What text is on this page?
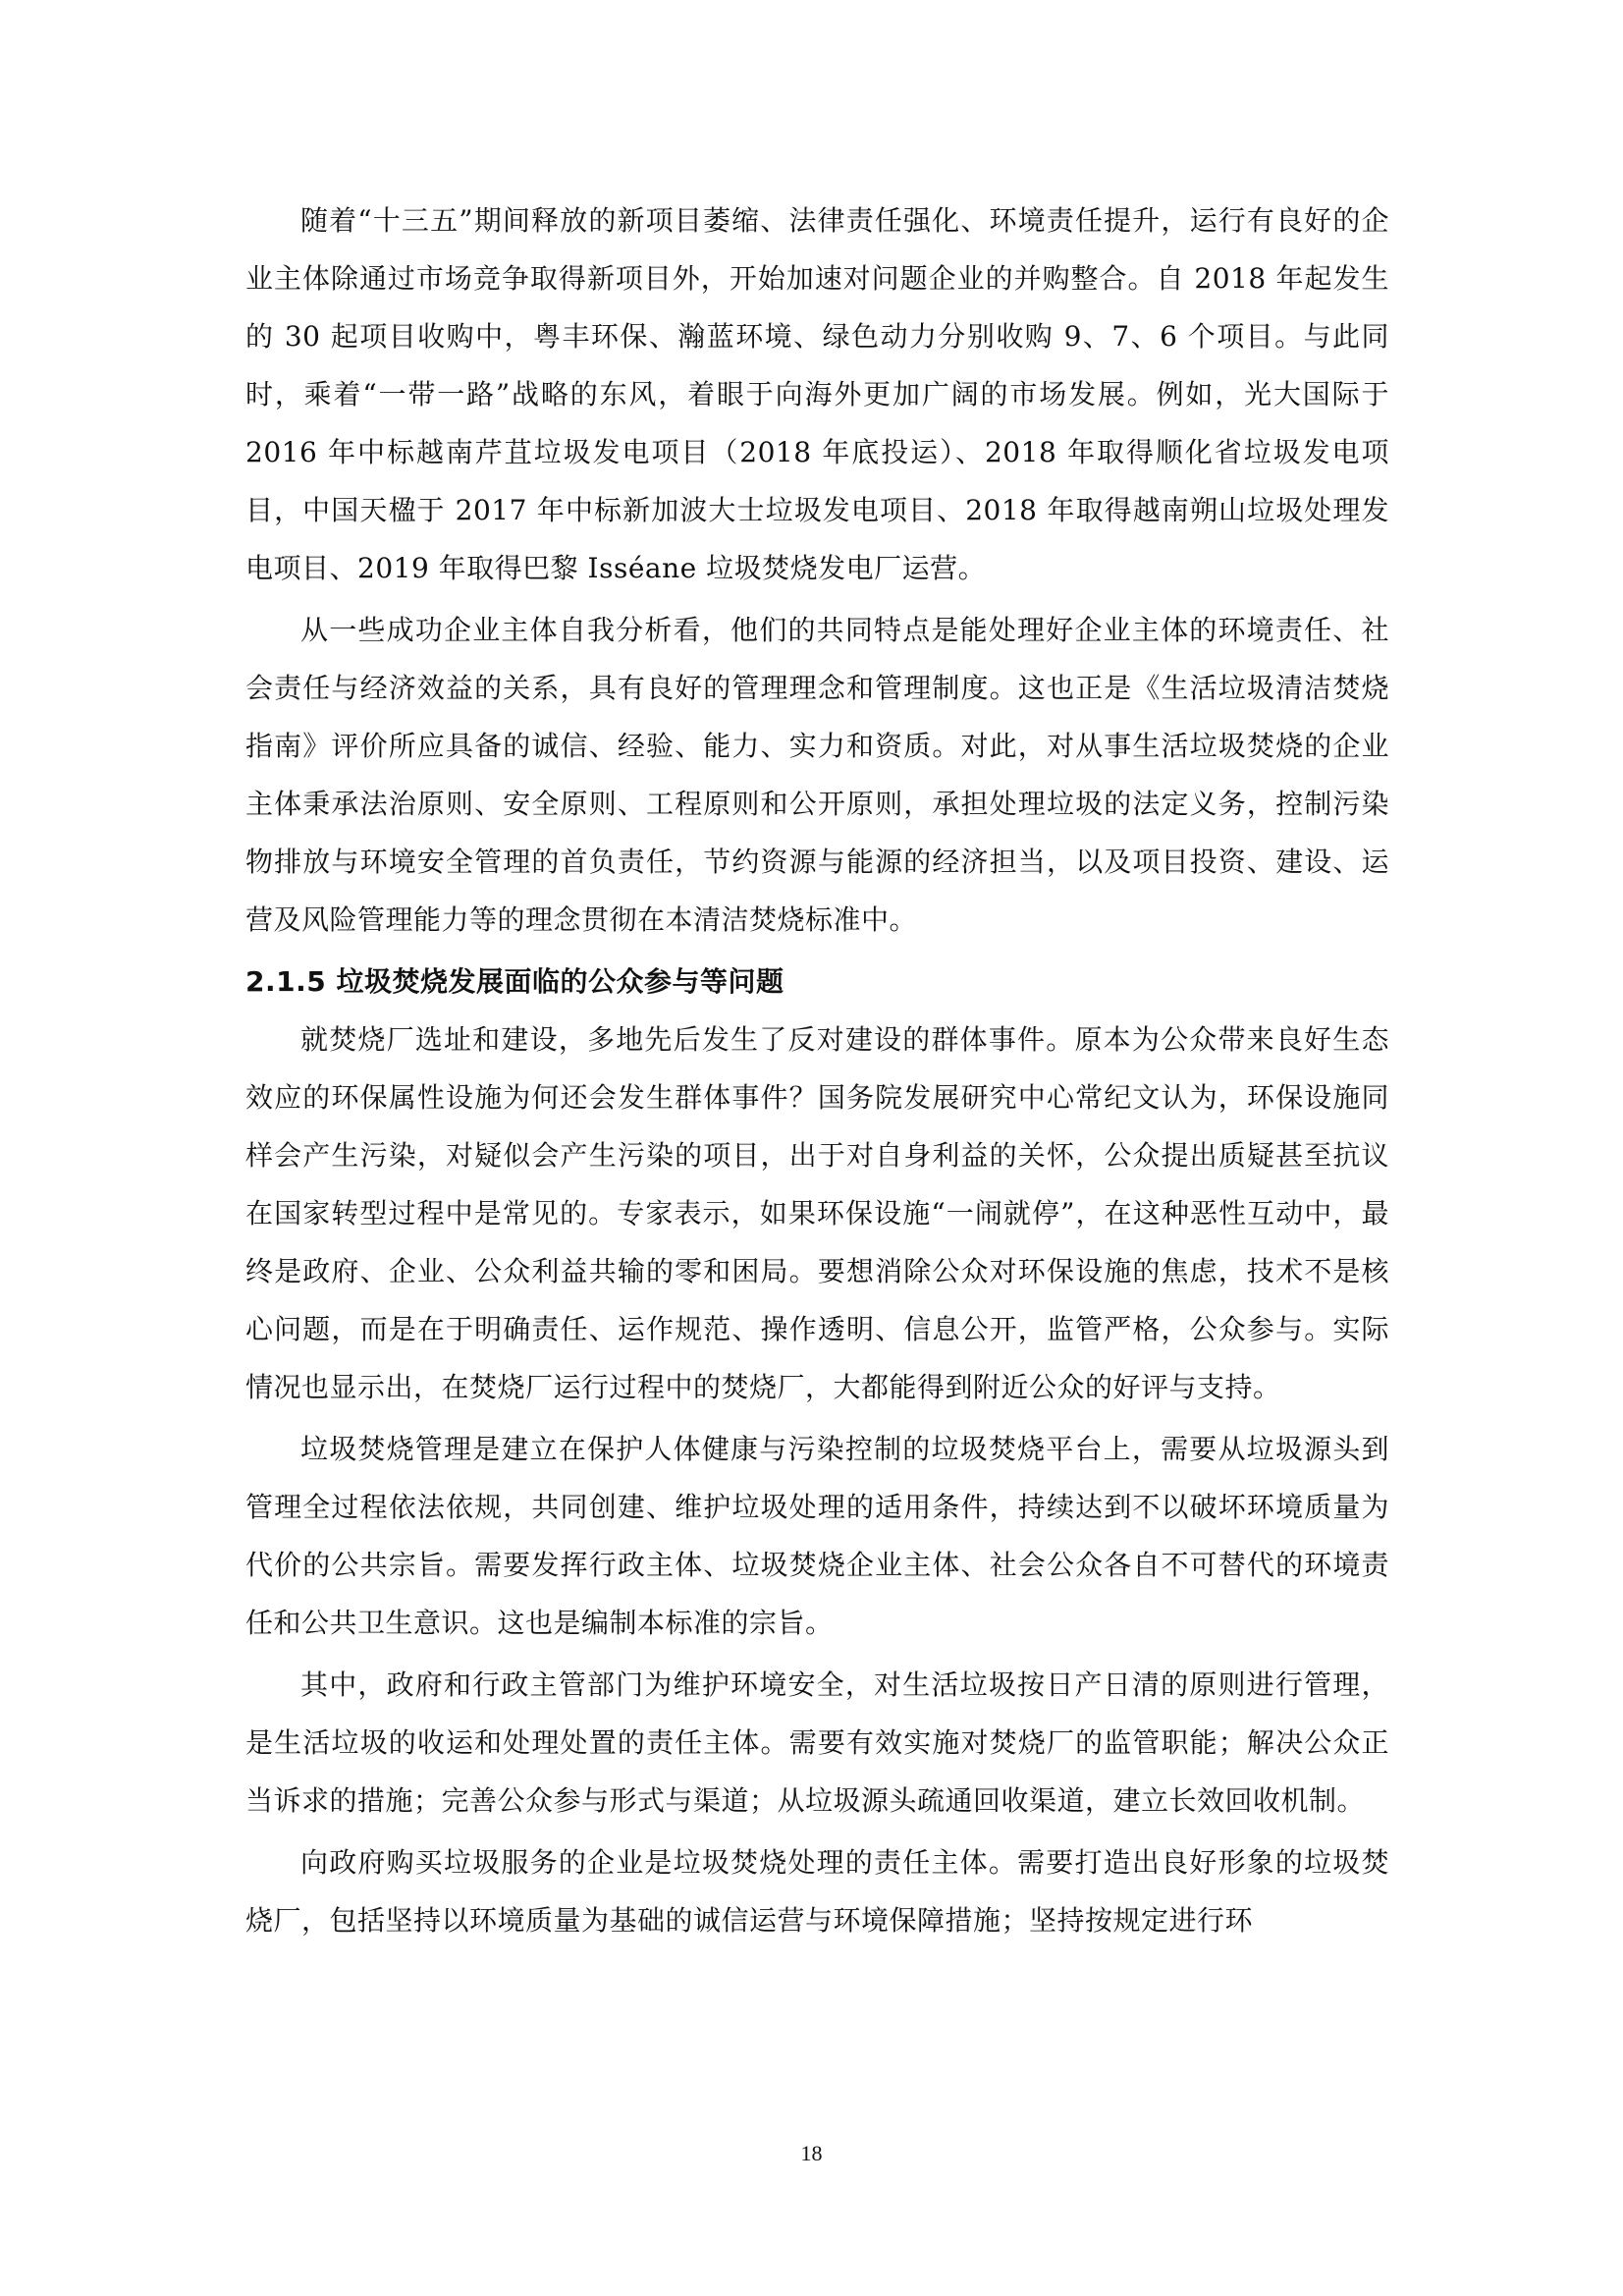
随着“十三五”期间释放的新项目萎缩、法律责任强化、环境责任提升，运行有良好的企业主体除通过市场竞争取得新项目外，开始加速对问题企业的并购整合。自 2018 年起发生的 30 起项目收购中，粤丰环保、瀚蓝环境、绿色动力分别收购 9、7、6 个项目。与此同时，乘着“一带一路”战略的东风，着眼于向海外更加广阔的市场发展。例如，光大国际于 2016 年中标越南芹苴垃圾发电项目（2018 年底投运）、2018 年取得顺化省垃圾发电项目，中国天楹于 2017 年中标新加波大士垃圾发电项目、2018 年取得越南朔山垃圾处理发电项目、2019 年取得巴黎 Isséane 垃圾焚烧发电厂运营。

从一些成功企业主体自我分析看，他们的共同特点是能处理好企业主体的环境责任、社会责任与经济效益的关系，具有良好的管理理念和管理制度。这也正是《生活垃圾清洁焚烧指南》评价所应具备的诚信、经验、能力、实力和资质。对此，对从事生活垃圾焚烧的企业主体秉承法治原则、安全原则、工程原则和公开原则，承担处理垃圾的法定义务，控制污染物排放与环境安全管理的首负责任，节约资源与能源的经济担当，以及项目投资、建设、运营及风险管理能力等的理念贯彻在本清洁焚烧标准中。

2.1.5 垃圾焚烧发展面临的公众参与等问题

就焚烧厂选址和建设，多地先后发生了反对建设的群体事件。原本为公众带来良好生态效应的环保属性设施为何还会发生群体事件？国务院发展研究中心常纪文认为，环保设施同样会产生污染，对疑似会产生污染的项目，出于对自身利益的关怀，公众提出质疑甚至抗议在国家转型过程中是常见的。专家表示，如果环保设施“一闹就停”，在这种恶性互动中，最终是政府、企业、公众利益共输的零和困局。要想消除公众对环保设施的焦虑，技术不是核心问题，而是在于明确责任、运作规范、操作透明、信息公开，监管严格，公众参与。实际情况也显示出，在焚烧厂运行过程中的焚烧厂，大都能得到附近公众的好评与支持。

垃圾焚烧管理是建立在保护人体健康与污染控制的垃圾焚烧平台上，需要从垃圾源头到管理全过程依法依规，共同创建、维护垃圾处理的适用条件，持续达到不以破坏环境质量为代价的公共宗旨。需要发挥行政主体、垃圾焚烧企业主体、社会公众各自不可替代的环境责任和公共卫生意识。这也是编制本标准的宗旨。

其中，政府和行政主管部门为维护环境安全，对生活垃圾按日产日清的原则进行管理，是生活垃圾的收运和处理处置的责任主体。需要有效实施对焚烧厂的监管职能；解决公众正当诉求的措施；完善公众参与形式与渠道；从垃圾源头疏通回收渠道，建立长效回收机制。

向政府购买垃圾服务的企业是垃圾焚烧处理的责任主体。需要打造出良好形象的垃圾焚烧厂，包括坚持以环境质量为基础的诚信运营与环境保障措施；坚持按规定进行环

18
